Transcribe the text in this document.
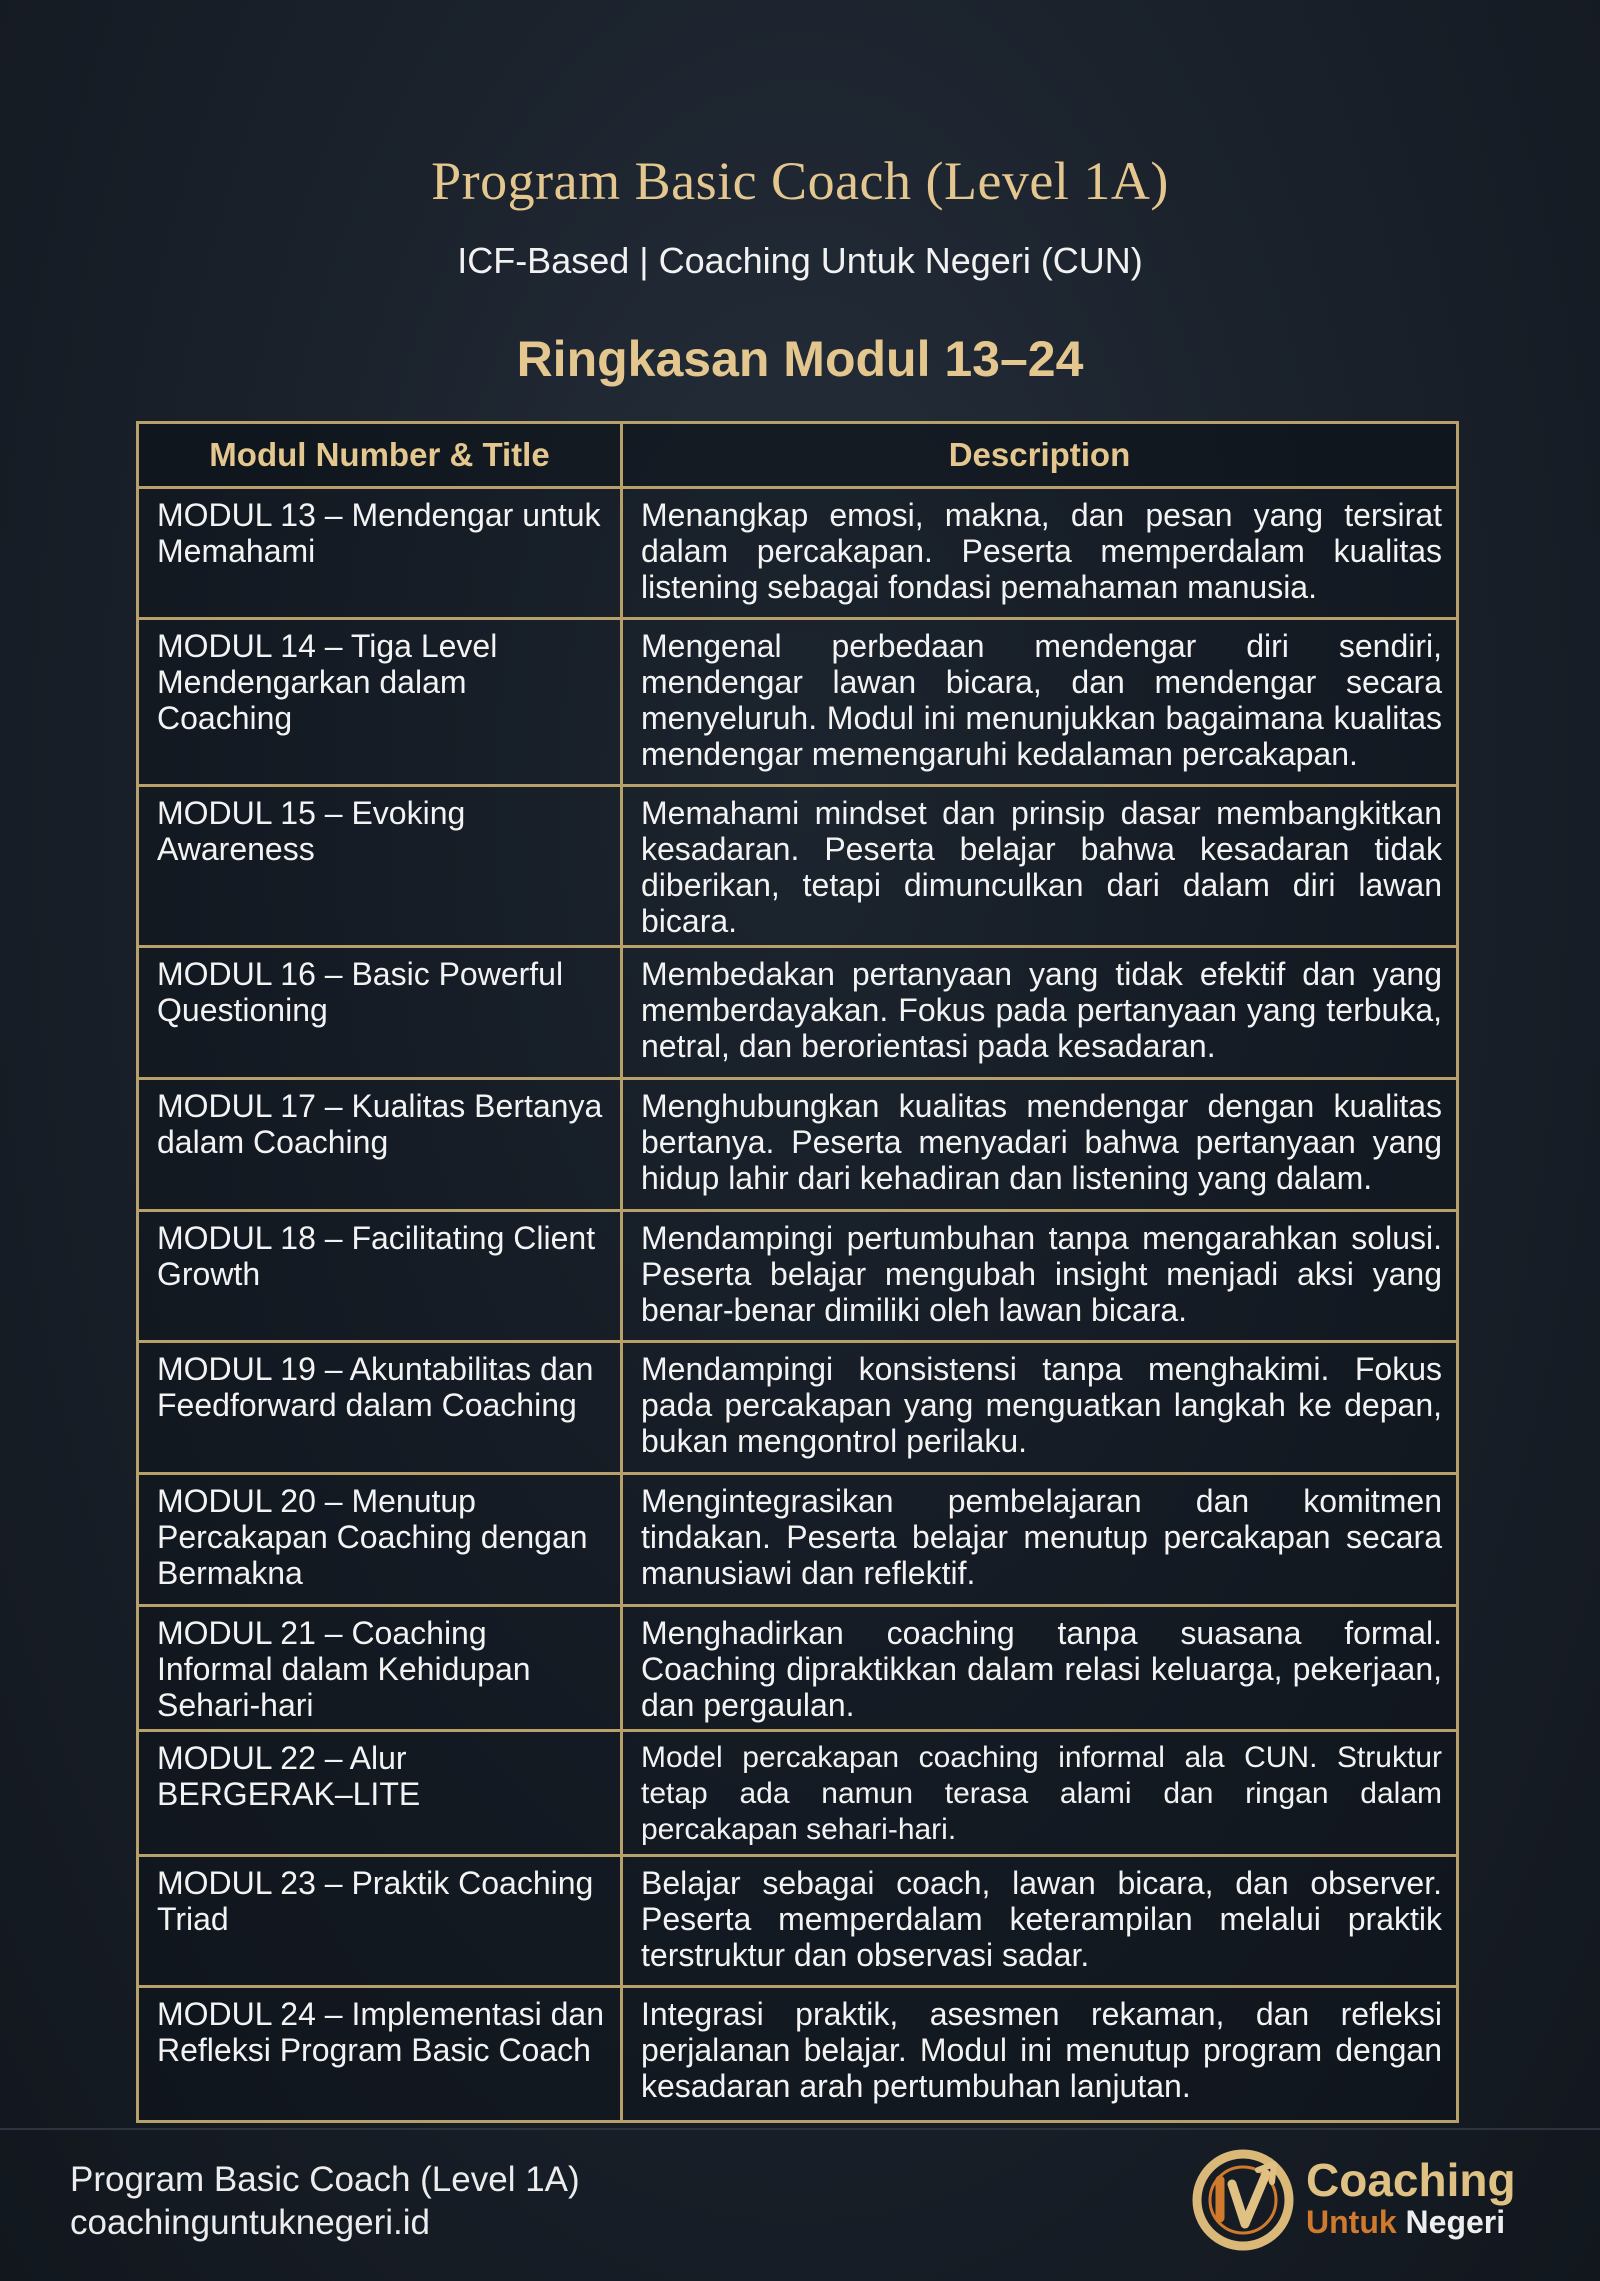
Program Basic Coach (Level 1A)
ICF-Based | Coaching Untuk Negeri (CUN)
Ringkasan Modul 13–24
Modul Number & Title	Description
MODUL 13 – Mendengar untuk Memahami	Menangkap emosi, makna, dan pesan yang tersirat dalam percakapan. Peserta memperdalam kualitas listening sebagai fondasi pemahaman manusia.
MODUL 14 – Tiga Level Mendengarkan dalam Coaching	Mengenal perbedaan mendengar diri sendiri, mendengar lawan bicara, dan mendengar secara menyeluruh. Modul ini menunjukkan bagaimana kualitas mendengar memengaruhi kedalaman percakapan.
MODUL 15 – Evoking Awareness	Memahami mindset dan prinsip dasar membangkitkan kesadaran. Peserta belajar bahwa kesadaran tidak diberikan, tetapi dimunculkan dari dalam diri lawan bicara.
MODUL 16 – Basic Powerful Questioning	Membedakan pertanyaan yang tidak efektif dan yang memberdayakan. Fokus pada pertanyaan yang terbuka, netral, dan berorientasi pada kesadaran.
MODUL 17 – Kualitas Bertanya dalam Coaching	Menghubungkan kualitas mendengar dengan kualitas bertanya. Peserta menyadari bahwa pertanyaan yang hidup lahir dari kehadiran dan listening yang dalam.
MODUL 18 – Facilitating Client Growth	Mendampingi pertumbuhan tanpa mengarahkan solusi. Peserta belajar mengubah insight menjadi aksi yang benar-benar dimiliki oleh lawan bicara.
MODUL 19 – Akuntabilitas dan Feedforward dalam Coaching	Mendampingi konsistensi tanpa menghakimi. Fokus pada percakapan yang menguatkan langkah ke depan, bukan mengontrol perilaku.
MODUL 20 – Menutup Percakapan Coaching dengan Bermakna	Mengintegrasikan pembelajaran dan komitmen tindakan. Peserta belajar menutup percakapan secara manusiawi dan reflektif.
MODUL 21 – Coaching Informal dalam Kehidupan Sehari-hari	Menghadirkan coaching tanpa suasana formal. Coaching dipraktikkan dalam relasi keluarga, pekerjaan, dan pergaulan.
MODUL 22 – Alur BERGERAK–LITE	Model percakapan coaching informal ala CUN. Struktur tetap ada namun terasa alami dan ringan dalam percakapan sehari-hari.
MODUL 23 – Praktik Coaching Triad	Belajar sebagai coach, lawan bicara, dan observer. Peserta memperdalam keterampilan melalui praktik terstruktur dan observasi sadar.
MODUL 24 – Implementasi dan Refleksi Program Basic Coach	Integrasi praktik, asesmen rekaman, dan refleksi perjalanan belajar. Modul ini menutup program dengan kesadaran arah pertumbuhan lanjutan.
Program Basic Coach (Level 1A)
coachinguntuknegeri.id
Coaching
Untuk Negeri
